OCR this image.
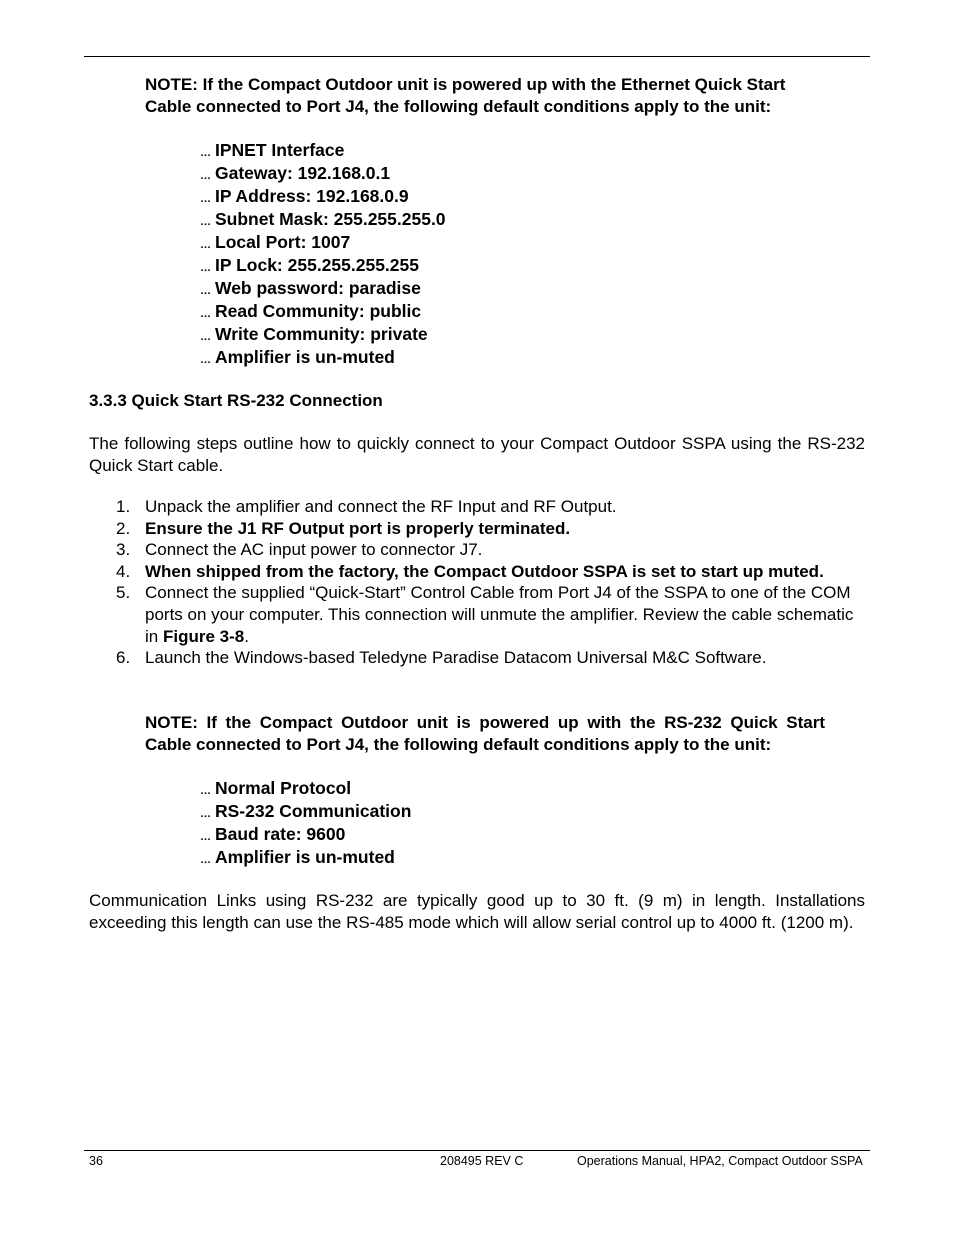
NOTE: If the Compact Outdoor unit is powered up with the Ethernet Quick Start Cable connected to Port J4, the following default conditions apply to the unit:

… IPNET Interface
… Gateway: 192.168.0.1
… IP Address: 192.168.0.9
… Subnet Mask: 255.255.255.0
… Local Port: 1007
… IP Lock: 255.255.255.255
… Web password: paradise
… Read Community: public
… Write Community: private
… Amplifier is un-muted
3.3.3 Quick Start RS-232 Connection

The following steps outline how to quickly connect to your Compact Outdoor SSPA using the RS-232 Quick Start cable.

1. Unpack the amplifier and connect the RF Input and RF Output.
2. Ensure the J1 RF Output port is properly terminated.
3. Connect the AC input power to connector J7.
4. When shipped from the factory, the Compact Outdoor SSPA is set to start up muted.
5. Connect the supplied “Quick-Start” Control Cable from Port J4 of the SSPA to one of the COM ports on your computer. This connection will unmute the amplifier. Review the cable schematic in Figure 3-8.
6. Launch the Windows-based Teledyne Paradise Datacom Universal M&C Software.

NOTE: If the Compact Outdoor unit is powered up with the RS-232 Quick Start Cable connected to Port J4, the following default conditions apply to the unit:

… Normal Protocol
… RS-232 Communication
… Baud rate: 9600
… Amplifier is un-muted

Communication Links using RS-232 are typically good up to 30 ft. (9 m) in length. Installations exceeding this length can use the RS-485 mode which will allow serial control up to 4000 ft. (1200 m).

36	208495 REV C	Operations Manual, HPA2, Compact Outdoor SSPA
